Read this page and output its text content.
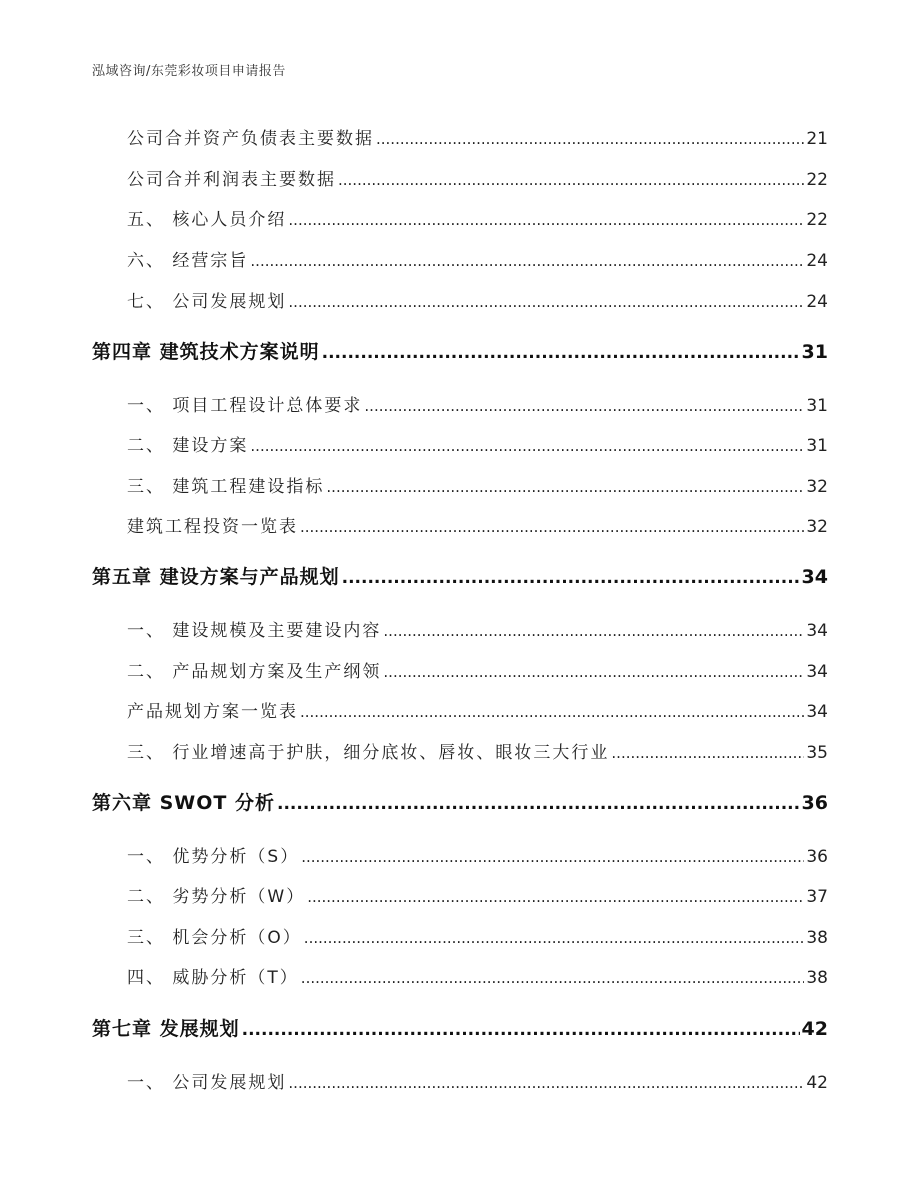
泓域咨询/东莞彩妆项目申请报告
公司合并资产负债表主要数据 .....	21
公司合并利润表主要数据 .....	22
五、 核心人员介绍 .....	22
六、 经营宗旨 .....	24
七、 公司发展规划 .....	24
第四章 建筑技术方案说明 .....	31
一、 项目工程设计总体要求 .....	31
二、 建设方案 .....	31
三、 建筑工程建设指标 .....	32
建筑工程投资一览表 .....	32
第五章 建设方案与产品规划 .....	34
一、 建设规模及主要建设内容 .....	34
二、 产品规划方案及生产纲领 .....	34
产品规划方案一览表 .....	34
三、 行业增速高于护肤，细分底妆、唇妆、眼妆三大行业 .....	35
第六章 SWOT 分析 .....	36
一、 优势分析（S） .....	36
二、 劣势分析（W） .....	37
三、 机会分析（O） .....	38
四、 威胁分析（T） .....	38
第七章 发展规划 .....	42
一、 公司发展规划 .....	42
